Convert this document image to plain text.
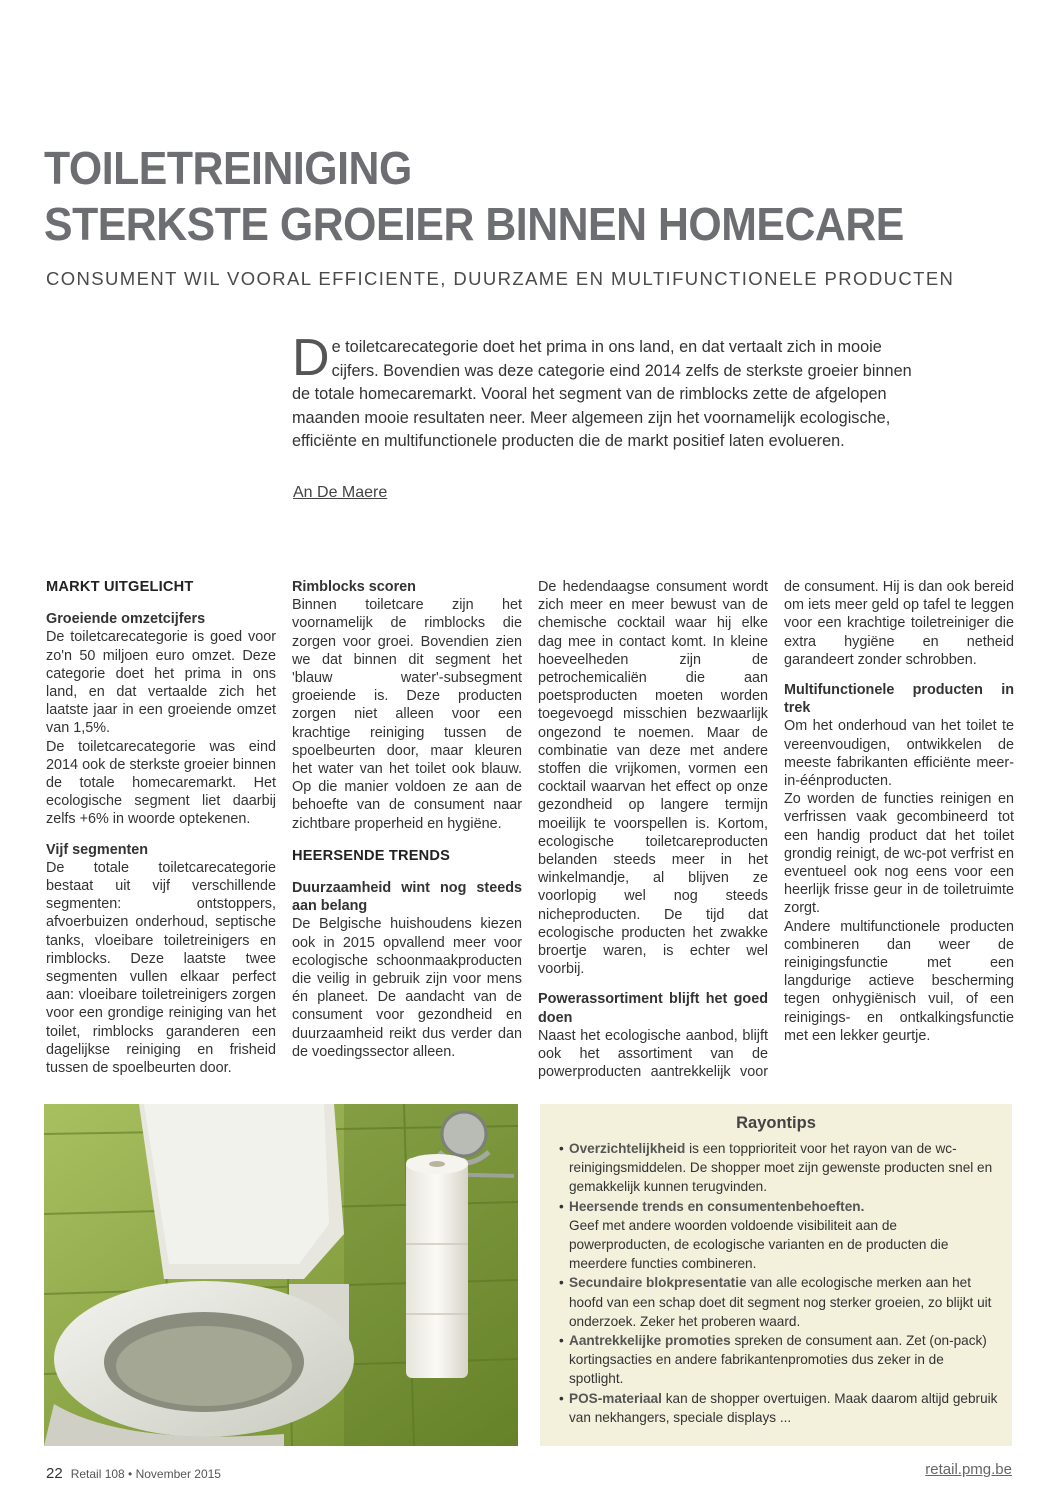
TOILETREINIGING
STERKSTE GROEIER BINNEN HOMECARE
CONSUMENT WIL VOORAL EFFICIENTE, DUURZAME EN MULTIFUNCTIONELE PRODUCTEN
De toiletcarecategorie doet het prima in ons land, en dat vertaalt zich in mooie cijfers. Bovendien was deze categorie eind 2014 zelfs de sterkste groeier binnen de totale homecaremarkt. Vooral het segment van de rimblocks zette de afgelopen maanden mooie resultaten neer. Meer algemeen zijn het voornamelijk ecologische, efficiënte en multifunctionele producten die de markt positief laten evolueren.
An De Maere
MARKT UITGELICHT
Groeiende omzetcijfers

De toiletcarecategorie is goed voor zo'n 50 miljoen euro omzet. Deze categorie doet het prima in ons land, en dat vertaalde zich het laatste jaar in een groeiende omzet van 1,5%.

De toiletcarecategorie was eind 2014 ook de sterkste groeier binnen de totale homecaremarkt. Het ecologische segment liet daarbij zelfs +6% in woorde optekenen.

Vijf segmenten

De totale toiletcarecategorie bestaat uit vijf verschillende segmenten: ontstoppers, afvoerbuizen onderhoud, septische tanks, vloeibare toiletreinigers en rimblocks. Deze laatste twee segmenten vullen elkaar perfect aan: vloeibare toiletreinigers zorgen voor een grondige reiniging van het toilet, rimblocks garanderen een dagelijkse reiniging en frisheid tussen de spoelbeurten door.

Rimblocks scoren

Binnen toiletcare zijn het voornamelijk de rimblocks die zorgen voor groei. Bovendien zien we dat binnen dit segment het 'blauw water'-subsegment groeiende is. Deze producten zorgen niet alleen voor een krachtige reiniging tussen de spoelbeurten door, maar kleuren het water van het toilet ook blauw. Op die manier voldoen ze aan de behoefte van de consument naar zichtbare properheid en hygiëne.

HEERSENDE TRENDS
Duurzaamheid wint nog steeds aan belang

De Belgische huishoudens kiezen ook in 2015 opvallend meer voor ecologische schoonmaakproducten die veilig in gebruik zijn voor mens én planeet. De aandacht van de consument voor gezondheid en duurzaamheid reikt dus verder dan de voedingssector alleen.

De hedendaagse consument wordt zich meer en meer bewust van de chemische cocktail waar hij elke dag mee in contact komt. In kleine hoeveelheden zijn de petrochemicaliën die aan poetsproducten moeten worden toegevoegd misschien bezwaarlijk ongezond te noemen. Maar de combinatie van deze met andere stoffen die vrijkomen, vormen een cocktail waarvan het effect op onze gezondheid op langere termijn moeilijk te voorspellen is. Kortom, ecologische toiletcareproducten belanden steeds meer in het winkelmandje, al blijven ze voorlopig wel nog steeds nicheproducten. De tijd dat ecologische producten het zwakke broertje waren, is echter wel voorbij.

Powerassortiment blijft het goed doen

Naast het ecologische aanbod, blijft ook het assortiment van de powerproducten aantrekkelijk voor de consument. Hij is dan ook bereid om iets meer geld op tafel te leggen voor een krachtige toiletreiniger die extra hygiëne en netheid garandeert zonder schrobben.

Multifunctionele producten in trek

Om het onderhoud van het toilet te vereenvoudigen, ontwikkelen de meeste fabrikanten efficiënte meer-in-éénproducten.

Zo worden de functies reinigen en verfrissen vaak gecombineerd tot een handig product dat het toilet grondig reinigt, de wc-pot verfrist en eventueel ook nog eens voor een heerlijk frisse geur in de toiletruimte zorgt.

Andere multifunctionele producten combineren dan weer de reinigingsfunctie met een langdurige actieve bescherming tegen onhygiënisch vuil, of een reinigings- en ontkalkingsfunctie met een lekker geurtje.

Rayontips
• Overzichtelijkheid is een topprioriteit voor het rayon van de wc-reinigingsmiddelen. De shopper moet zijn gewenste producten snel en gemakkelijk kunnen terugvinden.
• Heersende trends en consumentenbehoeften.
Geef met andere woorden voldoende visibiliteit aan de powerproducten, de ecologische varianten en de producten die meerdere functies combineren.
• Secundaire blokpresentatie van alle ecologische merken aan het hoofd van een schap doet dit segment nog sterker groeien, zo blijkt uit onderzoek. Zeker het proberen waard.
• Aantrekkelijke promoties spreken de consument aan. Zet (on-pack) kortingsacties en andere fabrikantenpromoties dus zeker in de spotlight.
• POS-materiaal kan de shopper overtuigen. Maak daarom altijd gebruik van nekhangers, speciale displays ...
22 Retail 108 • November 2015	retail.pmg.be
